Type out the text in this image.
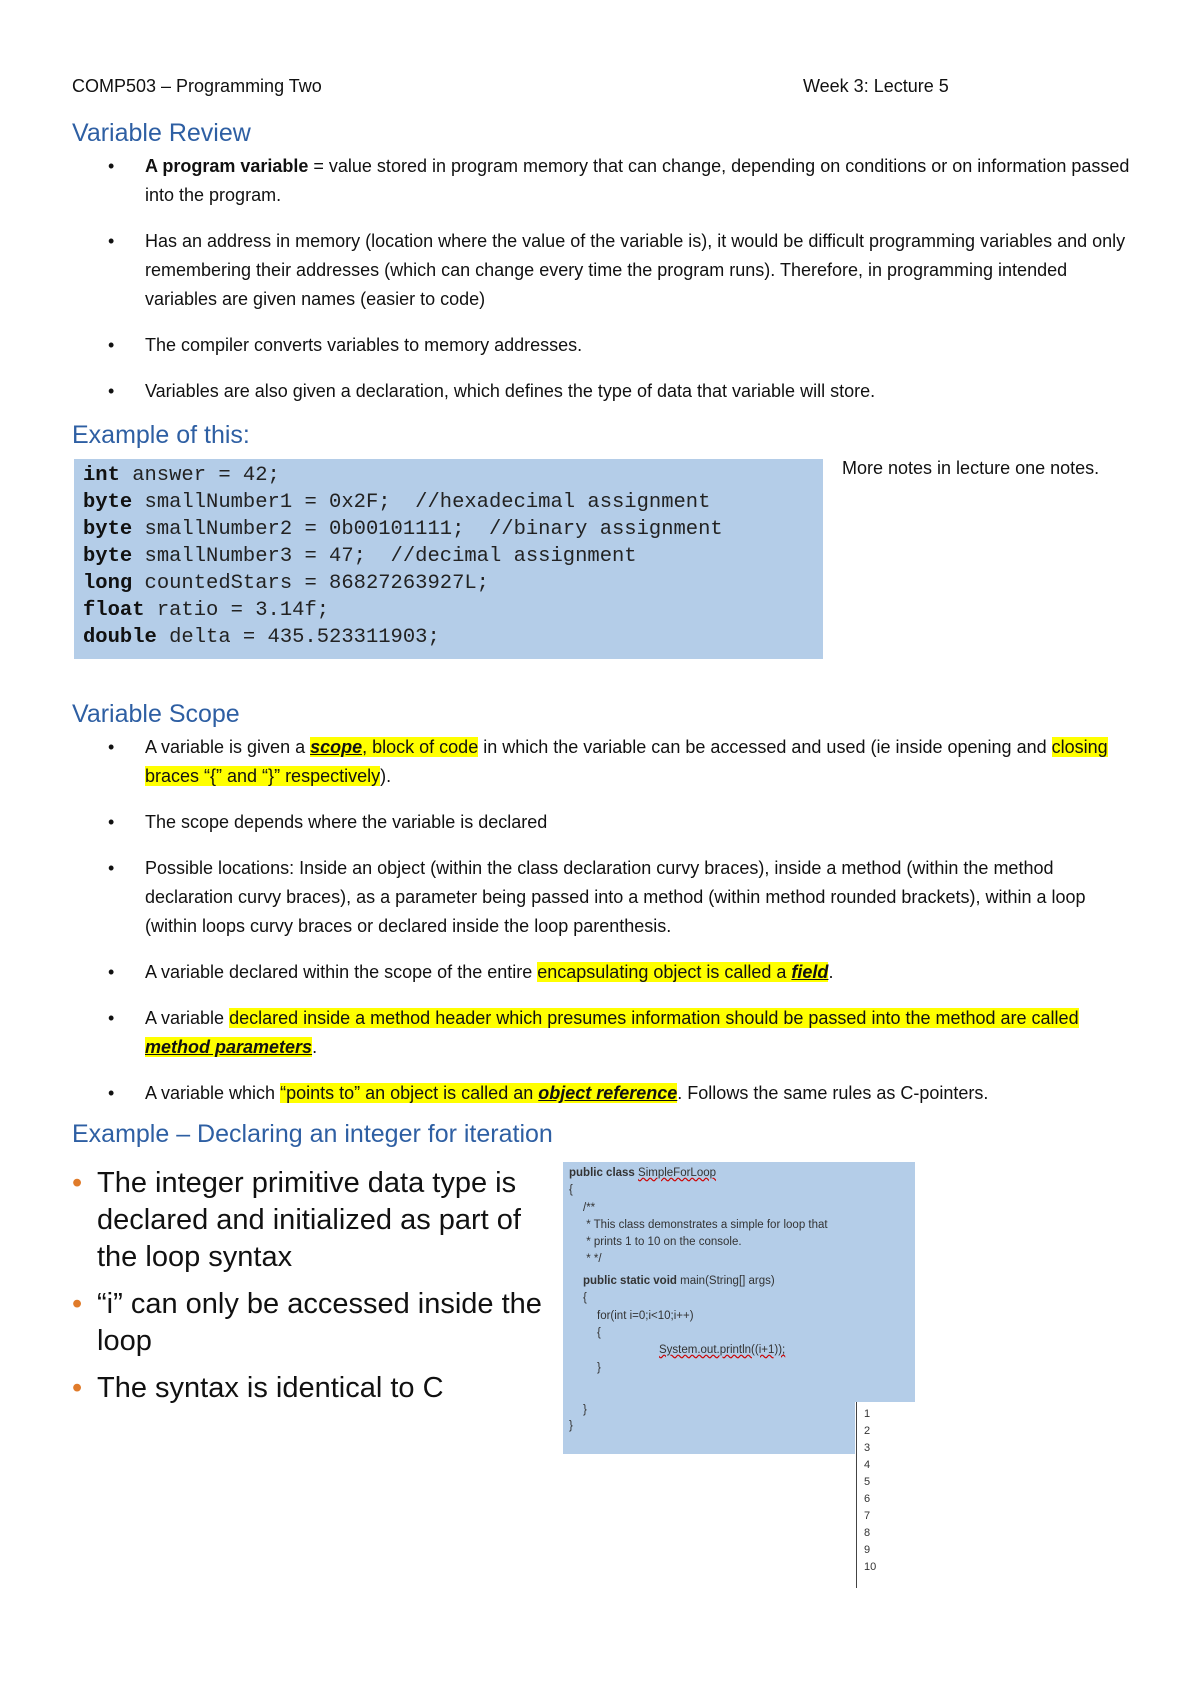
COMP503 – Programming Two	Week 3: Lecture 5
Variable Review
• A program variable = value stored in program memory that can change, depending on conditions or on information passed into the program.
• Has an address in memory (location where the value of the variable is), it would be difficult programming variables and only remembering their addresses (which can change every time the program runs). Therefore, in programming intended variables are given names (easier to code)
• The compiler converts variables to memory addresses.
• Variables are also given a declaration, which defines the type of data that variable will store.
Example of this:
int answer = 42;
byte smallNumber1 = 0x2F;  //hexadecimal assignment
byte smallNumber2 = 0b00101111;  //binary assignment
byte smallNumber3 = 47;  //decimal assignment
long countedStars = 86827263927L;
float ratio = 3.14f;
double delta = 435.523311903;
More notes in lecture one notes.
Variable Scope
• A variable is given a scope, block of code in which the variable can be accessed and used (ie inside opening and closing braces “{” and “}” respectively).
• The scope depends where the variable is declared
• Possible locations: Inside an object (within the class declaration curvy braces), inside a method (within the method declaration curvy braces), as a parameter being passed into a method (within method rounded brackets), within a loop (within loops curvy braces or declared inside the loop parenthesis.
• A variable declared within the scope of the entire encapsulating object is called a field.
• A variable declared inside a method header which presumes information should be passed into the method are called method parameters.
• A variable which “points to” an object is called an object reference. Follows the same rules as C-pointers.
Example – Declaring an integer for iteration
• The integer primitive data type is declared and initialized as part of the loop syntax
• “i” can only be accessed inside the loop
• The syntax is identical to C
public class SimpleForLoop
{
/**
* This class demonstrates a simple for loop that
* prints 1 to 10 on the console.
* */
public static void main(String[] args)
{
for(int i=0;i<10;i++)
{
System.out.println((i+1));
}
}
}
1
2
3
4
5
6
7
8
9
10
